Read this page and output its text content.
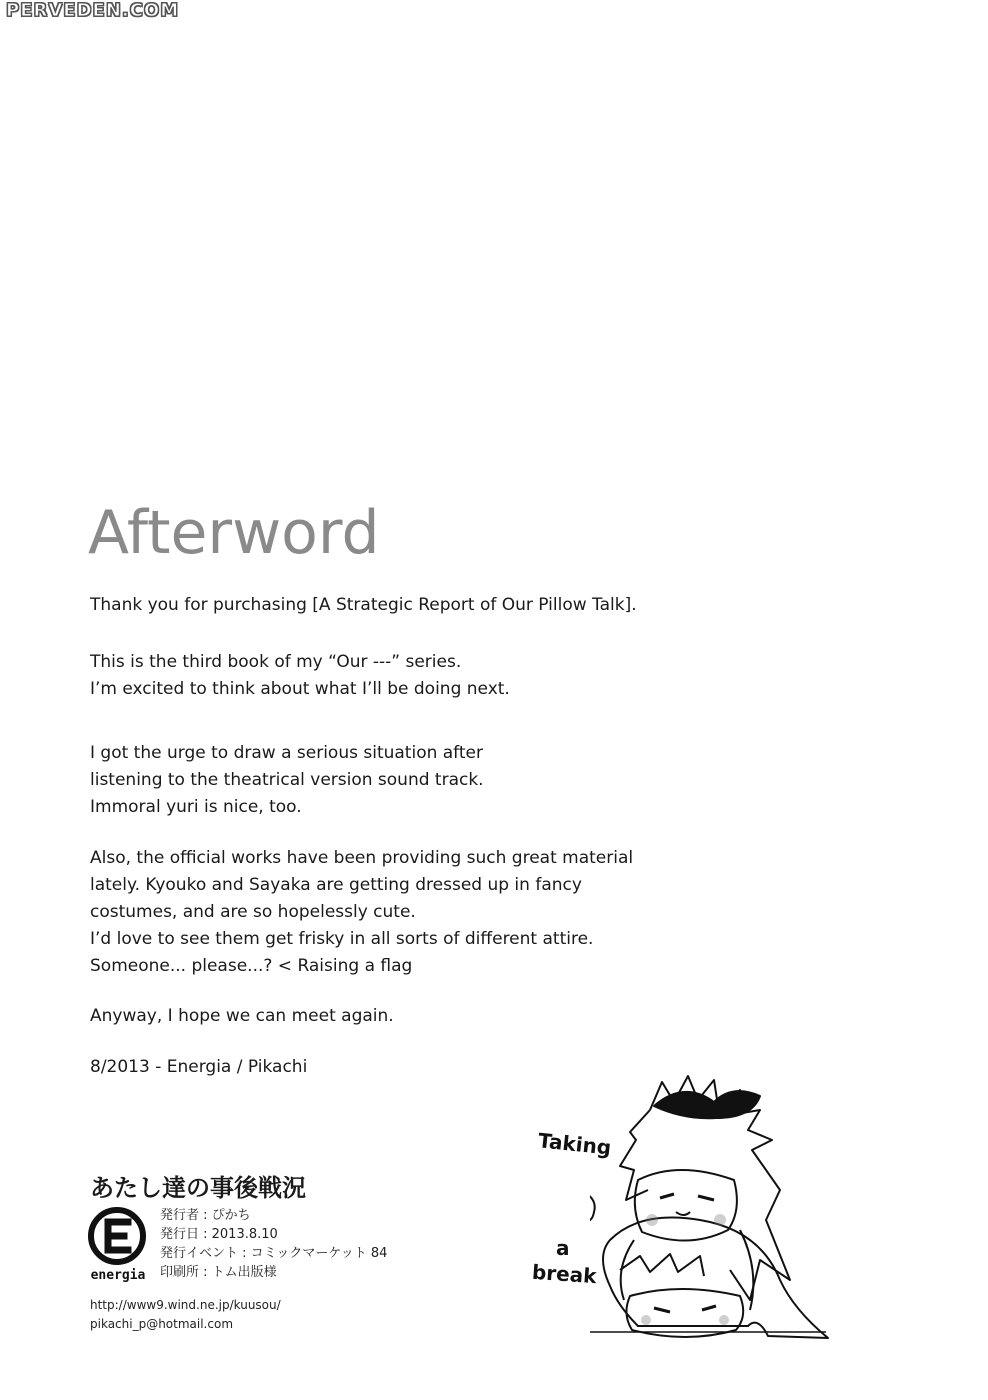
PERVEDEN.COM
Afterword
Thank you for purchasing [A Strategic Report of Our Pillow Talk].
This is the third book of my “Our ---” series.
I’m excited to think about what I’ll be doing next.
I got the urge to draw a serious situation after
listening to the theatrical version sound track.
Immoral yuri is nice, too.
Also, the official works have been providing such great material
lately. Kyouko and Sayaka are getting dressed up in fancy
costumes, and are so hopelessly cute.
I’d love to see them get frisky in all sorts of different attire.
Someone... please...? < Raising a flag
Anyway, I hope we can meet again.
8/2013 - Energia / Pikachi
あたし達の事後戦況
energia
発行者 : ぴかち
発行日 : 2013.8.10
発行イベント : コミックマーケット 84
印刷所 : トム出版様
http://www9.wind.ne.jp/kuusou/
pikachi_p@hotmail.com
Taking
a
break
